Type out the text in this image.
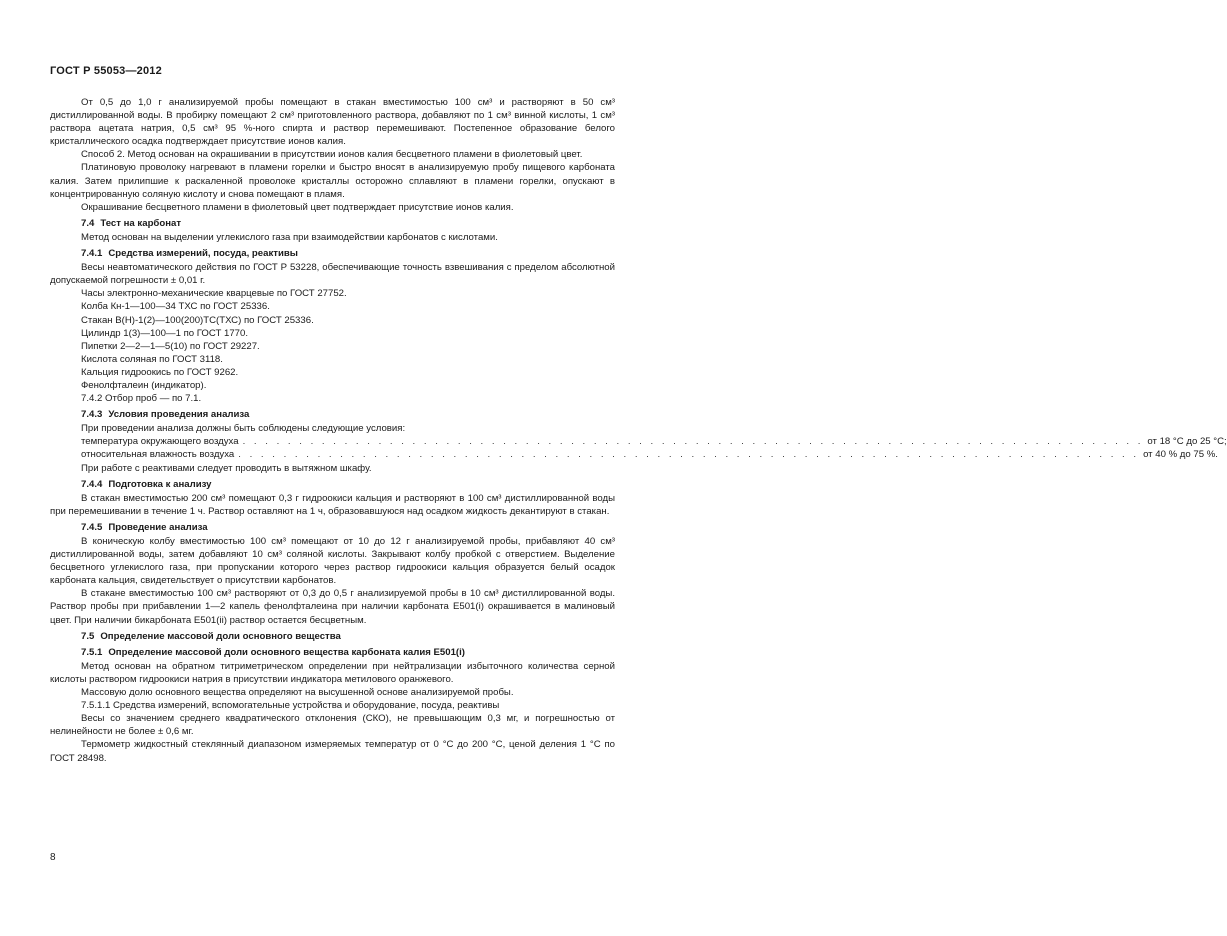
ГОСТ Р 55053—2012

От 0,5 до 1,0 г анализируемой пробы помещают в стакан вместимостью 100 см³ и растворяют в 50 см³ дистиллированной воды. В пробирку помещают 2 см³ приготовленного раствора, добавляют по 1 см³ винной кислоты, 1 см³ раствора ацетата натрия, 0,5 см³ 95 %-ного спирта и раствор перемешивают. Постепенное образование белого кристаллического осадка подтверждает присутствие ионов калия.

Способ 2. Метод основан на окрашивании в присутствии ионов калия бесцветного пламени в фиолетовый цвет.

Платиновую проволоку нагревают в пламени горелки и быстро вносят в анализируемую пробу пищевого карбоната калия. Затем прилипшие к раскаленной проволоке кристаллы осторожно сплавляют в пламени горелки, опускают в концентрированную соляную кислоту и снова помещают в пламя.

Окрашивание бесцветного пламени в фиолетовый цвет подтверждает присутствие ионов калия.

7.4 Тест на карбонат

Метод основан на выделении углекислого газа при взаимодействии карбонатов с кислотами.

7.4.1 Средства измерений, посуда, реактивы

Весы неавтоматического действия по ГОСТ Р 53228, обеспечивающие точность взвешивания с пределом абсолютной допускаемой погрешности ± 0,01 г.

Часы электронно-механические кварцевые по ГОСТ 27752.

Колба Кн-1—100—34 ТХС по ГОСТ 25336.

Стакан В(Н)-1(2)—100(200)ТС(ТХС) по ГОСТ 25336.

Цилиндр 1(3)—100—1 по ГОСТ 1770.

Пипетки 2—2—1—5(10) по ГОСТ 29227.

Кислота соляная по ГОСТ 3118.

Кальция гидроокись по ГОСТ 9262.

Фенолфталеин (индикатор).

7.4.2 Отбор проб — по 7.1.

7.4.3 Условия проведения анализа

При проведении анализа должны быть соблюдены следующие условия:

температура окружающего воздуха . . . . . . . . . . . . . . . . . . . . . . . . . . . . . . . . . . . . . . . . . . . . . . . . . . . . . . . . . . . . . . . . . . . . . . . . . . . . . . . . от 18 °С до 25 °С;
относительная влажность воздуха . . . . . . . . . . . . . . . . . . . . . . . . . . . . . . . . . . . . . . . . . . . . . . . . . . . . . . . . . . . . . . . . . . . . . . . . . . . . . . . . от 40 % до 75 %.

При работе с реактивами следует проводить в вытяжном шкафу.

7.4.4 Подготовка к анализу

В стакан вместимостью 200 см³ помещают 0,3 г гидроокиси кальция и растворяют в 100 см³ дистиллированной воды при перемешивании в течение 1 ч. Раствор оставляют на 1 ч, образовавшуюся над осадком жидкость декантируют в стакан.

7.4.5 Проведение анализа

В коническую колбу вместимостью 100 см³ помещают от 10 до 12 г анализируемой пробы, прибавляют 40 см³ дистиллированной воды, затем добавляют 10 см³ соляной кислоты. Закрывают колбу пробкой с отверстием. Выделение бесцветного углекислого газа, при пропускании которого через раствор гидроокиси кальция образуется белый осадок карбоната кальция, свидетельствует о присутствии карбонатов.

В стакане вместимостью 100 см³ растворяют от 0,3 до 0,5 г анализируемой пробы в 10 см³ дистиллированной воды. Раствор пробы при прибавлении 1—2 капель фенолфталеина при наличии карбоната Е501(i) окрашивается в малиновый цвет. При наличии бикарбоната Е501(ii) раствор остается бесцветным.

7.5 Определение массовой доли основного вещества
7.5.1 Определение массовой доли основного вещества карбоната калия Е501(i)

Метод основан на обратном титриметрическом определении при нейтрализации избыточного количества серной кислоты раствором гидроокиси натрия в присутствии индикатора метилового оранжевого.

Массовую долю основного вещества определяют на высушенной основе анализируемой пробы.

7.5.1.1 Средства измерений, вспомогательные устройства и оборудование, посуда, реактивы

Весы со значением среднего квадратического отклонения (СКО), не превышающим 0,3 мг, и погрешностью от нелинейности не более ± 0,6 мг.

Термометр жидкостный стеклянный диапазоном измеряемых температур от 0 °С до 200 °С, ценой деления 1 °С по ГОСТ 28498.

8
